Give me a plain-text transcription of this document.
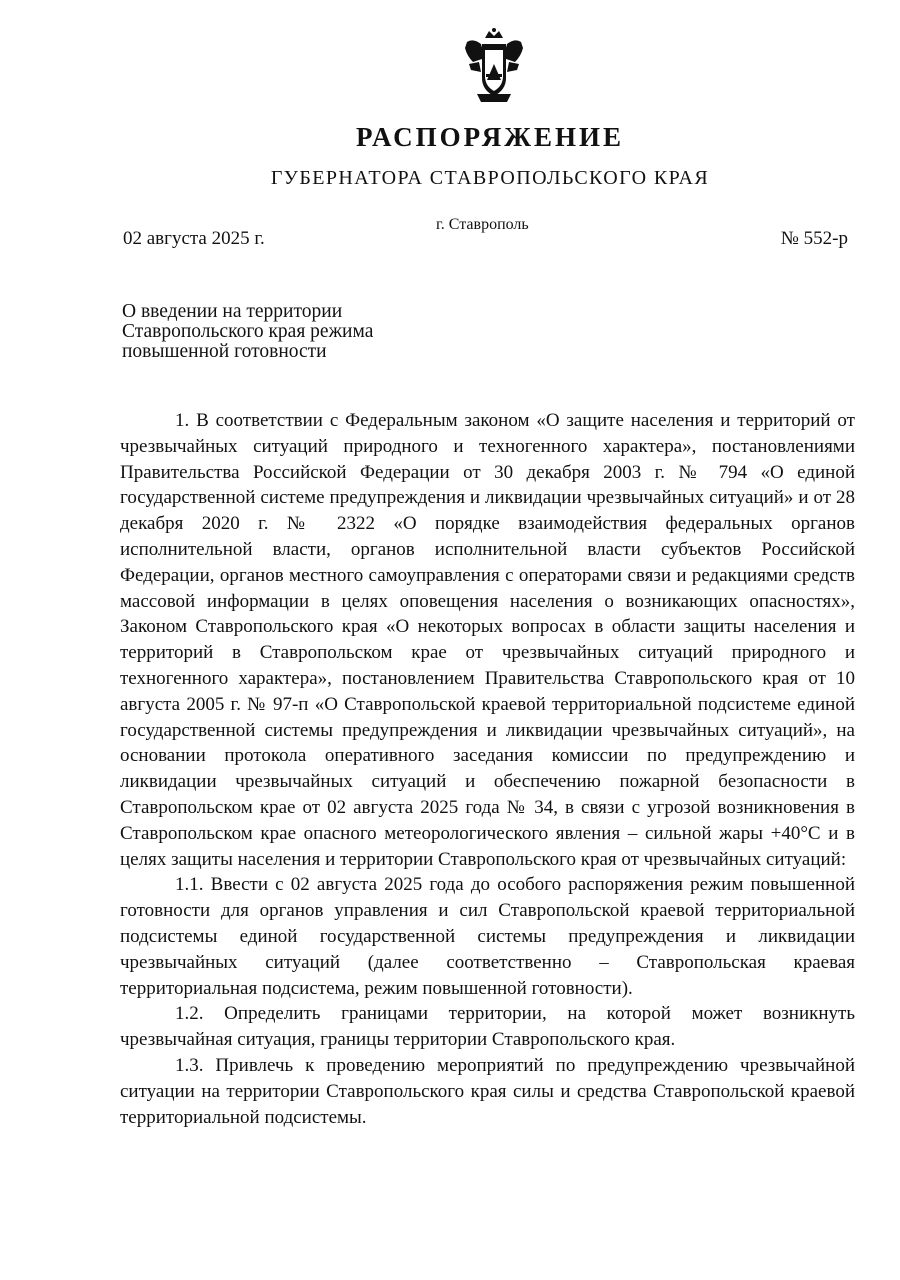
РАСПОРЯЖЕНИЕ
ГУБЕРНАТОРА СТАВРОПОЛЬСКОГО КРАЯ
г. Ставрополь
02 августа 2025 г.	№ 552-р
О введении на территории Ставропольского края режима повышенной готовности

1. В соответствии с Федеральным законом «О защите населения и территорий от чрезвычайных ситуаций природного и техногенного характера», постановлениями Правительства Российской Федерации от 30 декабря 2003 г. № 794 «О единой государственной системе предупреждения и ликвидации чрезвычайных ситуаций» и от 28 декабря 2020 г. № 2322 «О порядке взаимодействия федеральных органов исполнительной власти, органов исполнительной власти субъектов Российской Федерации, органов местного самоуправления с операторами связи и редакциями средств массовой информации в целях оповещения населения о возникающих опасностях», Законом Ставропольского края «О некоторых вопросах в области защиты населения и территорий в Ставропольском крае от чрезвычайных ситуаций природного и техногенного характера», постановлением Правительства Ставропольского края от 10 августа 2005 г. № 97-п «О Ставропольской краевой территориальной подсистеме единой государственной системы предупреждения и ликвидации чрезвычайных ситуаций», на основании протокола оперативного заседания комиссии по предупреждению и ликвидации чрезвычайных ситуаций и обеспечению пожарной безопасности в Ставропольском крае от 02 августа 2025 года № 34, в связи с угрозой возникновения в Ставропольском крае опасного метеорологического явления – сильной жары +40°С и в целях защиты населения и территории Ставропольского края от чрезвычайных ситуаций:

1.1. Ввести с 02 августа 2025 года до особого распоряжения режим повышенной готовности для органов управления и сил Ставропольской краевой территориальной подсистемы единой государственной системы предупреждения и ликвидации чрезвычайных ситуаций (далее соответственно – Ставропольская краевая территориальная подсистема, режим повышенной готовности).

1.2. Определить границами территории, на которой может возникнуть чрезвычайная ситуация, границы территории Ставропольского края.

1.3. Привлечь к проведению мероприятий по предупреждению чрезвычайной ситуации на территории Ставропольского края силы и средства Ставропольской краевой территориальной подсистемы.
